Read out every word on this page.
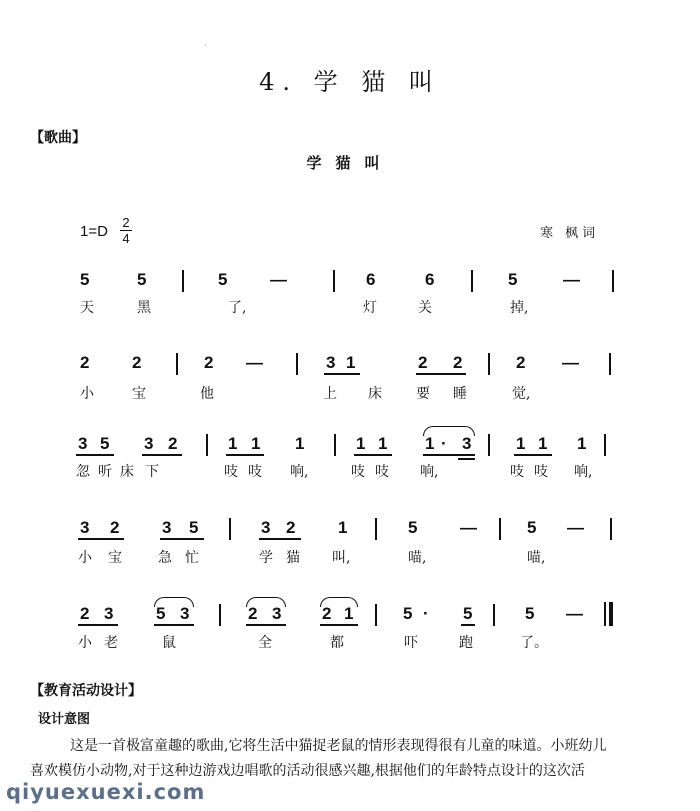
`
4. 学 猫 叫
【歌曲】
学猫叫
1=D
2
4	寒 枫词
5	5	5	—	6	6	5	—
天	黑	了,	灯	关	掉,
2	2	2 —	3 1	2 2	2 —
小	宝	他	上 床 要 睡	觉,
3 5 3 2	1 1 1	1 1 1 · 3	1 1 1
忽 听 床 下	吱 吱 响,	吱 吱 响,	吱 吱 响,
3 2	3 5	3 2	1	5	—	5 —
小 宝	急 忙	学 猫 叫,	喵,	喵,
2 3	5 3	2 3 2 1	5 · 5	5 —
小 老	鼠	全	都	吓	跑	了。
【教育活动设计】
设计意图
这是一首极富童趣的歌曲,它将生活中猫捉老鼠的情形表现得很有儿童的味道。小班幼儿
喜欢模仿小动物,对于这种边游戏边唱歌的活动很感兴趣,根据他们的年龄特点设计的这次活
qiyuexuexi.com
